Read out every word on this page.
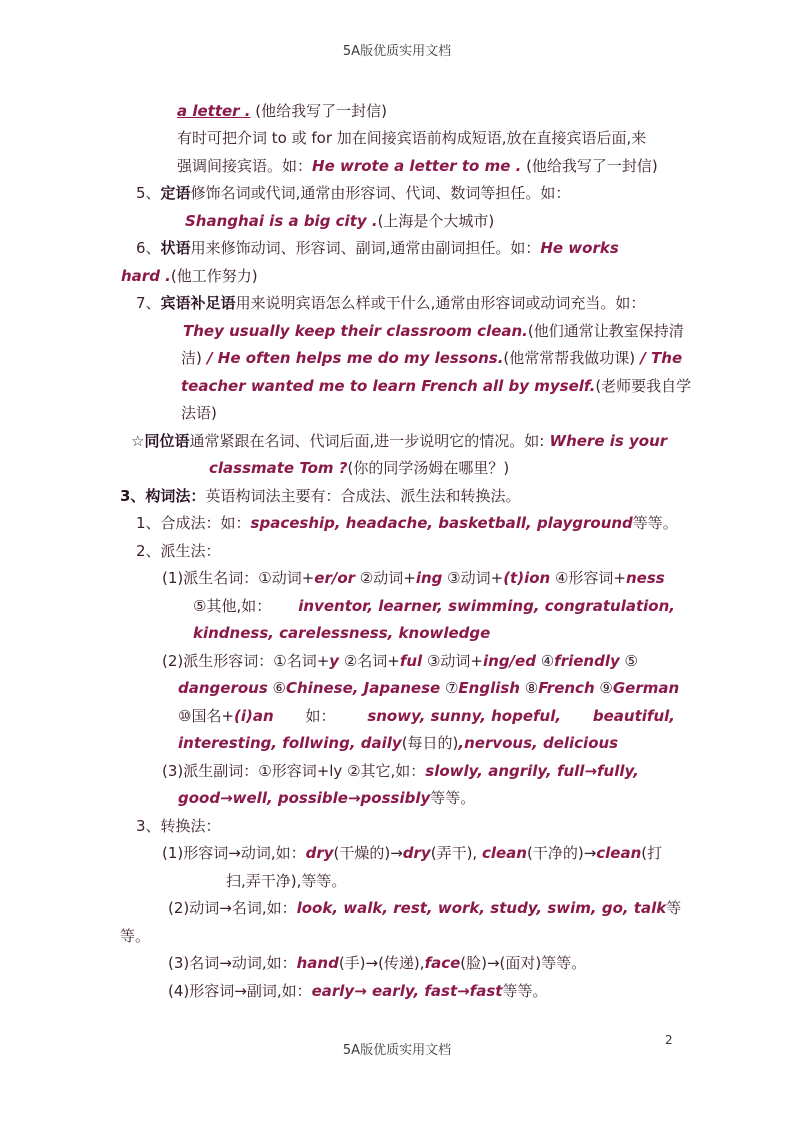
5A版优质实用文档
a letter . (他给我写了一封信)
有时可把介词 to 或 for 加在间接宾语前构成短语,放在直接宾语后面,来
强调间接宾语。如：He wrote a letter to me . (他给我写了一封信)
5、定语修饰名词或代词,通常由形容词、代词、数词等担任。如：
Shanghai is a big city .(上海是个大城市)
6、状语用来修饰动词、形容词、副词,通常由副词担任。如：He works
hard .(他工作努力)
7、宾语补足语用来说明宾语怎么样或干什么,通常由形容词或动词充当。如：
They usually keep their classroom clean.(他们通常让教室保持清
洁) / He often helps me do my lessons.(他常常帮我做功课) / The
teacher wanted me to learn French all by myself.(老师要我自学
法语)
☆同位语通常紧跟在名词、代词后面,进一步说明它的情况。如: Where is your
classmate Tom ?(你的同学汤姆在哪里？)
3、构词法：英语构词法主要有：合成法、派生法和转换法。
1、合成法：如：spaceship, headache, basketball, playground等等。
2、派生法：
(1)派生名词：①动词+er/or ②动词+ing ③动词+(t)ion ④形容词+ness
⑤其他,如： inventor, learner, swimming, congratulation,
kindness, carelessness, knowledge
(2)派生形容词：①名词+y ②名词+ful ③动词+ing/ed ④friendly ⑤
dangerous ⑥Chinese, Japanese ⑦English ⑧French ⑨German
⑩国名+(i)an 如： snowy, sunny, hopeful, beautiful,
interesting, follwing, daily(每日的),nervous, delicious
(3)派生副词：①形容词+ly ②其它,如：slowly, angrily, full→fully,
good→well, possible→possibly等等。
3、转换法：
(1)形容词→动词,如：dry(干燥的)→dry(弄干), clean(干净的)→clean(打
扫,弄干净),等等。
(2)动词→名词,如：look, walk, rest, work, study, swim, go, talk等
等。
(3)名词→动词,如：hand(手)→(传递),face(脸)→(面对)等等。
(4)形容词→副词,如：early→ early, fast→fast等等。
2
5A版优质实用文档
